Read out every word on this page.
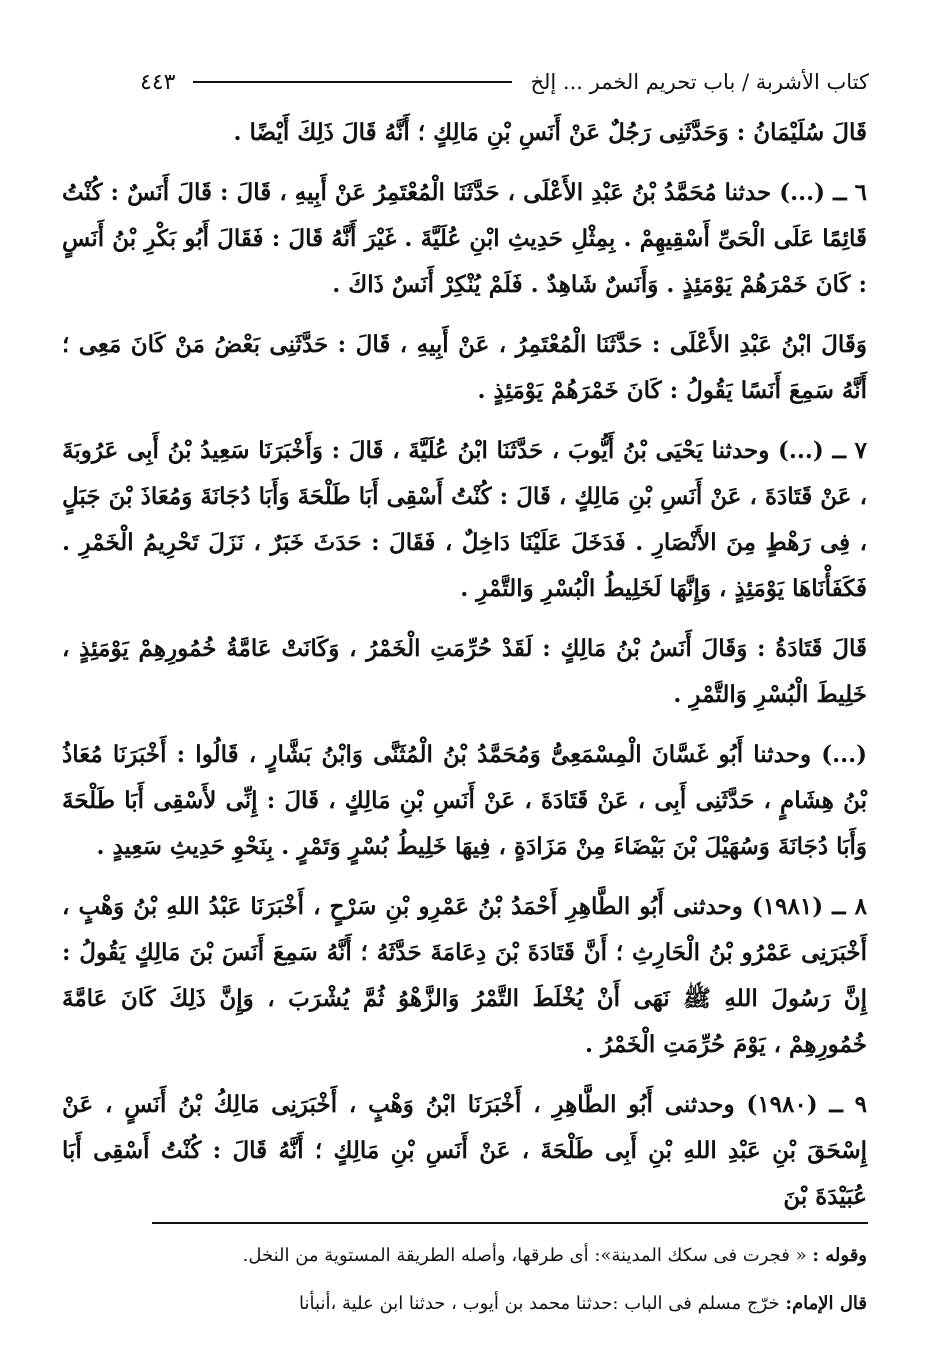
كتاب الأشربة / باب تحريم الخمر ... إلخ
٤٤٣

قَالَ سُلَيْمَانُ : وَحَدَّثَنِى رَجُلٌ عَنْ أَنَسِ بْنِ مَالِكٍ ؛ أَنَّهُ قَالَ ذَلِكَ أَيْضًا .

٦ ــ (...) حدثنا مُحَمَّدُ بْنُ عَبْدِ الأَعْلَى ، حَدَّثَنَا الْمُعْتَمِرُ عَنْ أَبِيهِ ، قَالَ : قَالَ أَنَسٌ : كُنْتُ قَائِمًا عَلَى الْحَىِّ أَسْقِيهِمْ . بِمِثْلِ حَدِيثِ ابْنِ عُلَيَّةَ . غَيْرَ أَنَّهُ قَالَ : فَقَالَ أَبُو بَكْرِ بْنُ أَنَسٍ : كَانَ خَمْرَهُمْ يَوْمَئِذٍ . وَأَنَسٌ شَاهِدٌ . فَلَمْ يُنْكِرْ أَنَسٌ ذَاكَ .

وَقَالَ ابْنُ عَبْدِ الأَعْلَى : حَدَّثَنَا الْمُعْتَمِرُ ، عَنْ أَبِيهِ ، قَالَ : حَدَّثَنِى بَعْضُ مَنْ كَانَ مَعِى ؛ أَنَّهُ سَمِعَ أَنَسًا يَقُولُ : كَانَ خَمْرَهُمْ يَوْمَئِذٍ .

٧ ــ (...) وحدثنا يَحْيَى بْنُ أَيُّوبَ ، حَدَّثَنَا ابْنُ عُلَيَّةَ ، قَالَ : وَأَخْبَرَنَا سَعِيدُ بْنُ أَبِى عَرُوبَةَ ، عَنْ قَتَادَةَ ، عَنْ أَنَسِ بْنِ مَالِكٍ ، قَالَ : كُنْتُ أَسْقِى أَبَا طَلْحَةَ وَأَبَا دُجَانَةَ وَمُعَاذَ بْنَ جَبَلٍ ، فِى رَهْطٍ مِنَ الأَنْصَارِ . فَدَخَلَ عَلَيْنَا دَاخِلٌ ، فَقَالَ : حَدَثَ خَبَرٌ ، نَزَلَ تَحْرِيمُ الْخَمْرِ . فَكَفَأْنَاهَا يَوْمَئِذٍ ، وَإِنَّهَا لَخَلِيطُ الْبُسْرِ وَالتَّمْرِ .

قَالَ قَتَادَةُ : وَقَالَ أَنَسُ بْنُ مَالِكٍ : لَقَدْ حُرِّمَتِ الْخَمْرُ ، وَكَانَتْ عَامَّةُ خُمُورِهِمْ يَوْمَئِذٍ ، خَلِيطَ الْبُسْرِ وَالتَّمْرِ .

(...) وحدثنا أَبُو غَسَّانَ الْمِسْمَعِىُّ وَمُحَمَّدُ بْنُ الْمُثَنَّى وَابْنُ بَشَّارٍ ، قَالُوا : أَخْبَرَنَا مُعَاذُ بْنُ هِشَامٍ ، حَدَّثَنِى أَبِى ، عَنْ قَتَادَةَ ، عَنْ أَنَسِ بْنِ مَالِكٍ ، قَالَ : إِنِّى لأَسْقِى أَبَا طَلْحَةَ وَأَبَا دُجَانَةَ وَسُهَيْلَ بْنَ بَيْضَاءَ مِنْ مَزَادَةٍ ، فِيهَا خَلِيطُ بُسْرٍ وَتَمْرٍ . بِنَحْوِ حَدِيثِ سَعِيدٍ .

٨ ــ (١٩٨١) وحدثنى أَبُو الطَّاهِرِ أَحْمَدُ بْنُ عَمْرِو بْنِ سَرْحٍ ، أَخْبَرَنَا عَبْدُ اللهِ بْنُ وَهْبٍ ، أَخْبَرَنِى عَمْرُو بْنُ الْحَارِثِ ؛ أَنَّ قَتَادَةَ بْنَ دِعَامَةَ حَدَّثَهُ ؛ أَنَّهُ سَمِعَ أَنَسَ بْنَ مَالِكٍ يَقُولُ : إِنَّ رَسُولَ اللهِ ﷺ نَهَى أَنْ يُخْلَطَ التَّمْرُ وَالزَّهْوُ ثُمَّ يُشْرَبَ ، وَإِنَّ ذَلِكَ كَانَ عَامَّةَ خُمُورِهِمْ ، يَوْمَ حُرِّمَتِ الْخَمْرُ .

٩ ــ (١٩٨٠) وحدثنى أَبُو الطَّاهِرِ ، أَخْبَرَنَا ابْنُ وَهْبٍ ، أَخْبَرَنِى مَالِكُ بْنُ أَنَسٍ ، عَنْ إِسْحَقَ بْنِ عَبْدِ اللهِ بْنِ أَبِى طَلْحَةَ ، عَنْ أَنَسِ بْنِ مَالِكٍ ؛ أَنَّهُ قَالَ : كُنْتُ أَسْقِى أَبَا عُبَيْدَةَ بْنَ

وقوله : « فجرت فى سكك المدينة»: أى طرقها، وأصله الطريقة المستوية من النخل.

قال الإمام: خرّج مسلم فى الباب :حدثنا محمد بن أيوب ، حدثنا ابن علية ،أنبأنا
